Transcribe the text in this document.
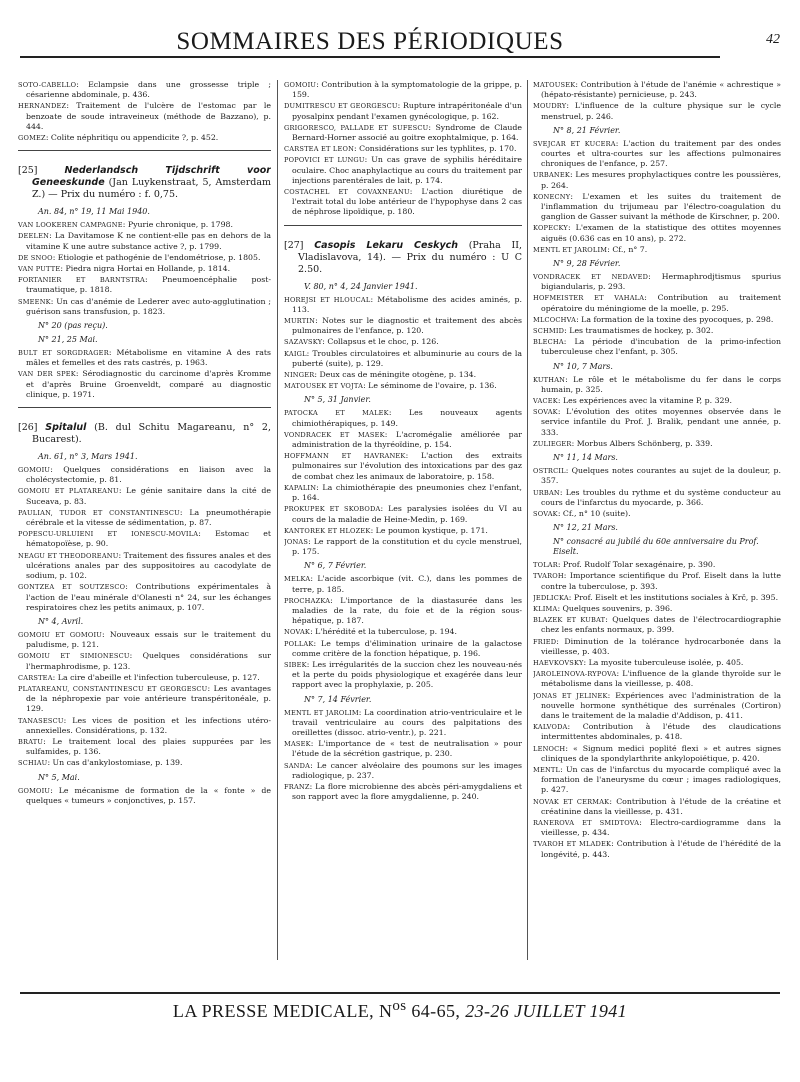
SOMMAIRES DES PÉRIODIQUES	42

SOTO-CABELLO: Eclampsie dans une grossesse triple ; césarienne abdominale, p. 436.

HERNANDEZ: Traitement de l'ulcère de l'estomac par le benzoate de soude intraveineux (méthode de Bazzano), p. 444.

GOMEZ: Colite néphritiqu ou appendicite ?, p. 452.

[25]	Nederlandsch Tijdschrift voor Geneeskunde (Jan Luykenstraat, 5, Amsterdam Z.) — Prix du numéro : f. 0,75.

An. 84, n° 19, 11 Mai 1940.

VAN LOOKEREN CAMPAGNE: Pyurie chronique, p. 1798.

DEELEN: La Davitamose K ne contient-elle pas en dehors de la vitamine K une autre substance active ?, p. 1799.

DE SNOO: Etiologie et pathogénie de l'endométriose, p. 1805.

VAN PUTTE: Piedra nigra Hortai en Hollande, p. 1814.

FORTANIER ET BARNTSTRA: Pneumoencéphalie post-traumatique, p. 1818.

SMEENK: Un cas d'anémie de Lederer avec auto-agglutination ; guérison sans transfusion, p. 1823.

N° 20 (pas reçu).

N° 21, 25 Mai.

BULT ET SORGDRAGER: Métabolisme en vitamine A des rats mâles et femelles et des rats castrés, p. 1963.

VAN DER SPEK: Sérodiagnostic du carcinome d'après Kromme et d'après Bruine Groenveldt, comparé au diagnostic clinique, p. 1971.

[26] Spitalul (B. dul Schitu Magareanu, n° 2, Bucarest).

An. 61, n° 3, Mars 1941.

GOMOIU: Quelques considérations en liaison avec la cholécystectomie, p. 81.

GOMOIU ET PLATAREANU: Le génie sanitaire dans la cité de Suceava, p. 83.

PAULIAN, TUDOR ET CONSTANTINESCU: La pneumothérapie cérébrale et la vitesse de sédimentation, p. 87.

POPESCU-URLUIENI ET IONESCU-MOVILA: Estomac et hématopoïèse, p. 90.

NEAGU ET THEODOREANU: Traitement des fissures anales et des ulcérations anales par des suppositoires au cacodylate de sodium, p. 102.

GONTZEA ET SOUTZESCO: Contributions expérimentales à l'action de l'eau minérale d'Olanesti n° 24, sur les échanges respiratoires chez les petits animaux, p. 107.

N° 4, Avril.

GOMOIU ET GOMOIU: Nouveaux essais sur le traitement du paludisme, p. 121.

GOMOIU ET SIMIONESCU: Quelques considérations sur l'hermaphrodisme, p. 123.

CARSTEA: La cire d'abeille et l'infection tuberculeuse, p. 127.

PLATAREANU, CONSTANTINESCU ET GEORGESCU: Les avantages de la néphropexie par voie antérieure transpéritonéale, p. 129.

TANASESCU: Les vices de position et les infections utéro-annexielles. Considérations, p. 132.

BRATU: Le traitement local des plaies suppurées par les sulfamides, p. 136.

SCHIAU: Un cas d'ankylostomiase, p. 139.

N° 5, Mai.

GOMOIU: Le mécanisme de formation de la « fonte » de quelques « tumeurs » conjonctives, p. 157.

GOMOIU: Contribution à la symptomatologie de la grippe, p. 159.

DUMITRESCU ET GEORGESCU: Rupture intrapéritonéale d'un pyosalpinx pendant l'examen gynécologique, p. 162.

GRIGORESCO, PALLADE ET SUFESCU: Syndrome de Claude Bernard-Horner associé au goitre exophtalmique, p. 164.

CARSTEA ET LEON: Considérations sur les typhlites, p. 170.

POPOVICI ET LUNGU: Un cas grave de syphilis héréditaire oculaire. Choc anaphylactique au cours du traitement par injections parentérales de lait, p. 174.

COSTACHEL ET COVAXNEANU: L'action diurétique de l'extrait total du lobe antérieur de l'hypophyse dans 2 cas de néphrose lipoïdique, p. 180.

[27] Casopis Lekaru Ceskych (Praha II, Vladislavova, 14). — Prix du numéro : U C 2.50.

V. 80, n° 4, 24 Janvier 1941.

HOREJSI ET HLOUCAL: Métabolisme des acides aminés, p. 113.

MURTIN: Notes sur le diagnostic et traitement des abcès pulmonaires de l'enfance, p. 120.

SAZAVSKY: Collapsus et le choc, p. 126.

KAIGL: Troubles circulatoires et albuminurie au cours de la puberté (suite), p. 129.

NINGER: Deux cas de méningite otogène, p. 134.

MATOUSEK ET VOJTA: Le séminome de l'ovaire, p. 136.

N° 5, 31 Janvier.

PATOCKA ET MALEK: Les nouveaux agents chimiothérapiques, p. 149.

VONDRACEK ET MASEK: L'acromégalie améliorée par administration de la thyréoïdine, p. 154.

HOFFMANN ET HAVRANEK: L'action des extraits pulmonaires sur l'évolution des intoxications par des gaz de combat chez les animaux de laboratoire, p. 158.

KAPALIN: La chimiothérapie des pneumonies chez l'enfant, p. 164.

PROKUPEK ET SKOBODA: Les paralysies isolées du VI au cours de la maladie de Heine-Medin, p. 169.

KANTOREK ET HLOZEK: Le poumon kystique, p. 171.

JONAS: Le rapport de la constitution et du cycle menstruel, p. 175.

N° 6, 7 Février.

MELKA: L'acide ascorbique (vit. C.), dans les pommes de terre, p. 185.

PROCHAZKA: L'importance de la diastasurée dans les maladies de la rate, du foie et de la région sous-hépatique, p. 187.

NOVAK: L'hérédité et la tuberculose, p. 194.

POLLAK: Le temps d'élimination urinaire de la galactose comme critère de la fonction hépatique, p. 196.

SIBEK: Les irrégularités de la succion chez les nouveau-nés et la perte du poids physiologique et exagérée dans leur rapport avec la prophylaxie, p. 205.

N° 7, 14 Février.

MENTL ET JAROLIM: La coordination atrio-ventriculaire et le travail ventriculaire au cours des palpitations des oreillettes (dissoc. atrio-ventr.), p. 221.

MASEK: L'importance de « test de neutralisation » pour l'étude de la sécrétion gastrique, p. 230.

SANDA: Le cancer alvéolaire des poumons sur les images radiologique, p. 237.

FRANZ: La flore microbienne des abcès péri-amygdaliens et son rapport avec la flore amygdalienne, p. 240.

MATOUSEK: Contribution à l'étude de l'anémie « achrestique » (hépato-résistante) pernicieuse, p. 243.

MOUDRY: L'influence de la culture physique sur le cycle menstruel, p. 246.

N° 8, 21 Février.

SVEJCAR ET KUCERA: L'action du traitement par des ondes courtes et ultra-courtes sur les affections pulmonaires chroniques de l'enfance, p. 257.

URBANEK: Les mesures prophylactiques contre les poussières, p. 264.

KONECNY: L'examen et les suites du traitement de l'inflammation du trijumeau par l'électro-coagulation du ganglion de Gasser suivant la méthode de Kirschner, p. 200.

KOPECKY: L'examen de la statistique des ottites moyennes aiguës (0.636 cas en 10 ans), p. 272.

MENTL ET JAROLIM: Cf., n° 7.

N° 9, 28 Février.

VONDRACEK ET NEDAVED: Hermaphrodjtismus spurius bigiandularis, p. 293.

HOFMEISTER ET VAHALA: Contribution au traitement opératoire du méningiome de la moelle, p. 295.

MLCOCHVA: La formation de la toxine des pyocoques, p. 298.

SCHMID: Les traumatismes de hockey, p. 302.

BLECHA: La période d'incubation de la primo-infection tuberculeuse chez l'enfant, p. 305.

N° 10, 7 Mars.

KUTHAN: Le rôle et le métabolisme du fer dans le corps humain, p. 325.

VACEK: Les expériences avec la vitamine P, p. 329.

SOVAK: L'évolution des otites moyennes observée dans le service infantile du Prof. J. Bralik, pendant une année, p. 333.

ZULIEGER: Morbus Albers Schönberg, p. 339.

N° 11, 14 Mars.

OSTRCIL: Quelques notes courantes au sujet de la douleur, p. 357.

URBAN: Les troubles du rythme et du système conducteur au cours de l'infarctus du myocarde, p. 366.

SOVAK: Cf., n° 10 (suite).

N° 12, 21 Mars.

N° consacré au jubilé du 60e anniversaire du Prof. Eiselt.

TOLAR: Prof. Rudolf Tolar sexagénaire, p. 390.

TVAROH: Importance scientifique du Prof. Eiselt dans la lutte contre la tuberculose, p. 393.

JEDLICKA: Prof. Eiselt et les institutions sociales à Krč, p. 395.

KLIMA: Quelques souvenirs, p. 396.

BLAZEK ET KUBAT: Quelques dates de l'électrocardiographie chez les enfants normaux, p. 399.

FRIED: Diminution de la tolérance hydrocarbonée dans la vieillesse, p. 403.

HAEVKOVSKY: La myosite tuberculeuse isolée, p. 405.

JAROLEINOVA-RYPOVA: L'influence de la glande thyroïde sur le métabolisme dans la vieillesse, p. 408.

JONAS ET JELINEK: Expériences avec l'administration de la nouvelle hormone synthétique des surrénales (Cortiron) dans le traitement de la maladie d'Addison, p. 411.

KALVODA: Contribution à l'étude des claudications intermittentes abdominales, p. 418.

LENOCH: « Signum medici poplité flexi » et autres signes cliniques de la spondylarthrite ankylopoiétique, p. 420.

MENTL: Un cas de l'infarctus du myocarde compliqué avec la formation de l'aneurysme du cœur ; images radiologiques, p. 427.

NOVAK ET CERMAK: Contribution à l'étude de la créatine et créatinine dans la vieillesse, p. 431.

RANEROVA ET SMIDTOVA: Electro-cardiogramme dans la vieillesse, p. 434.

TVAROH ET MLADEK: Contribution à l'étude de l'hérédité de la longévité, p. 443.

LA PRESSE MEDICALE, $N^{os}$ 64-65, 23-26 JUILLET 1941
